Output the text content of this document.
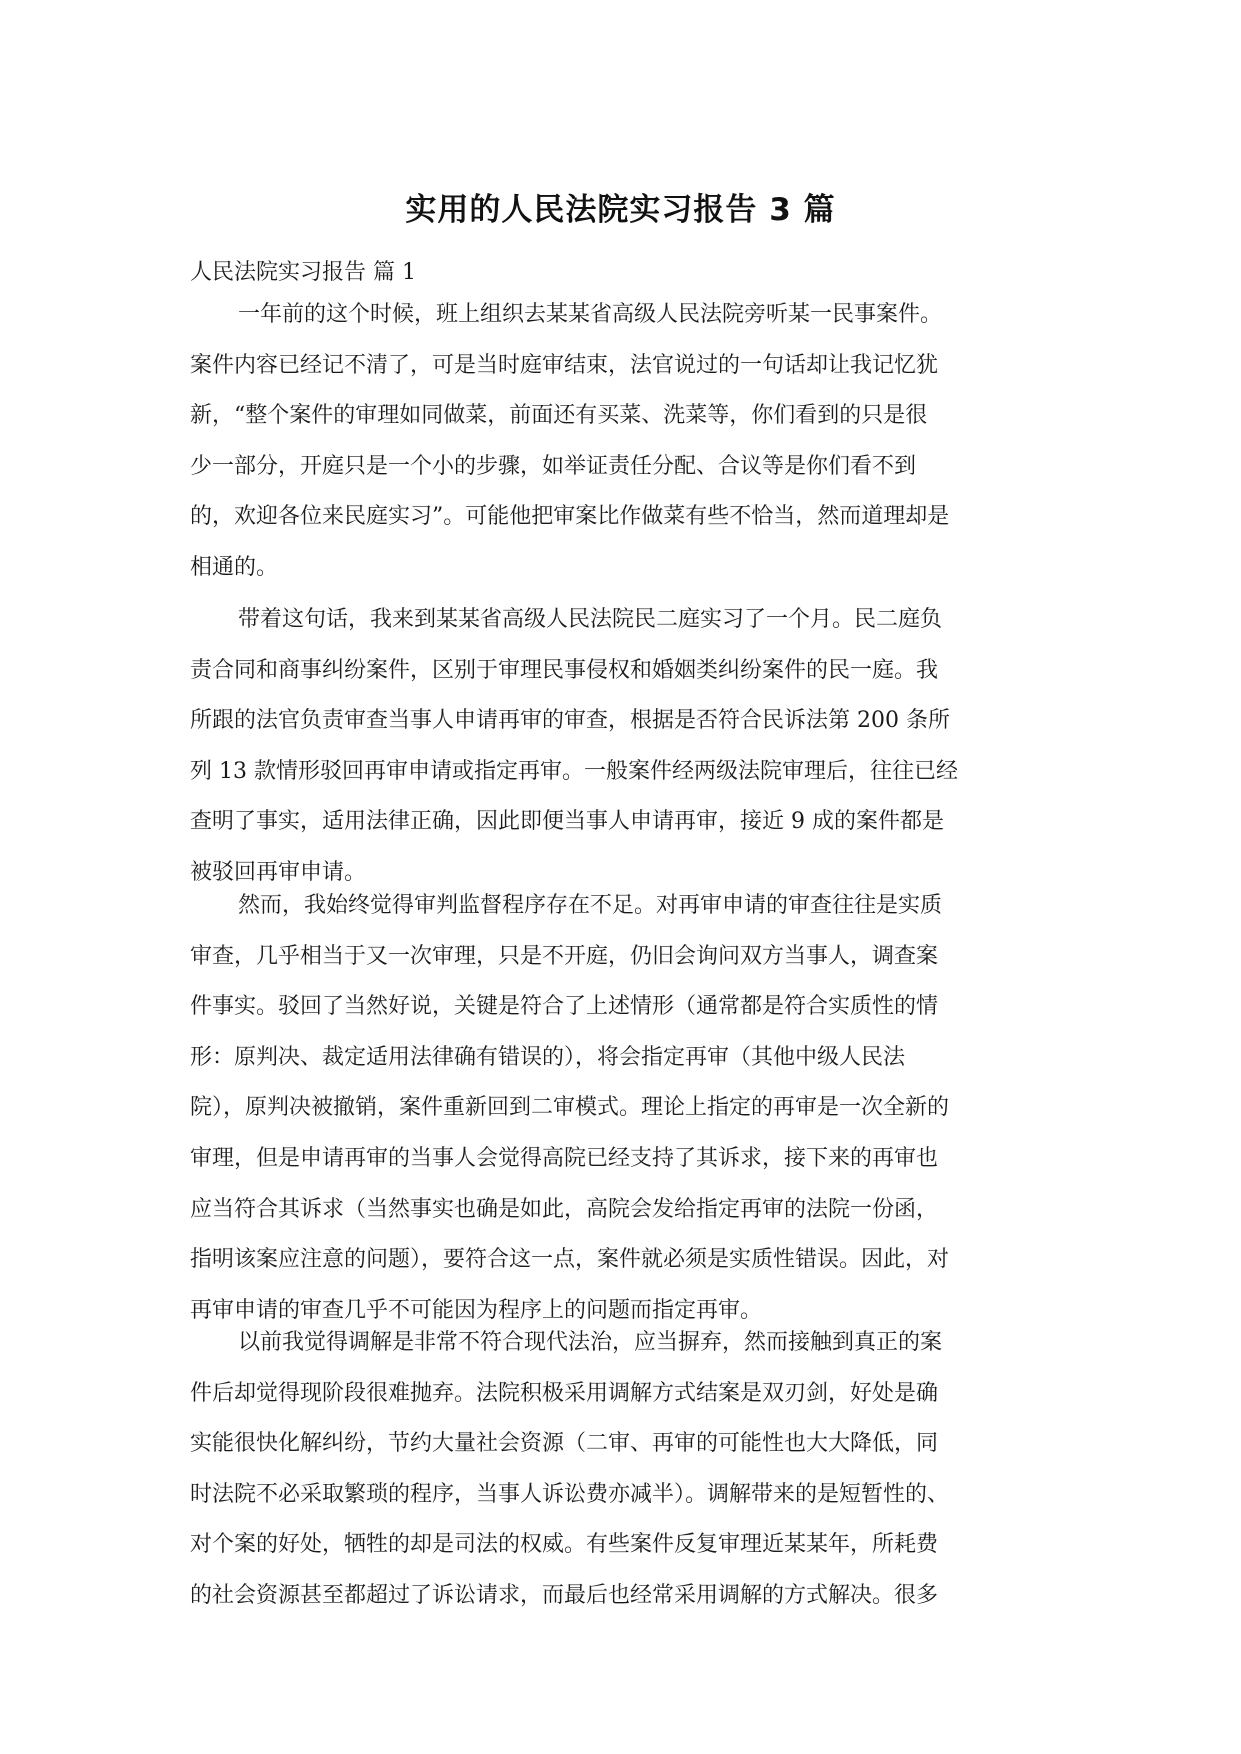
实用的人民法院实习报告 3 篇
人民法院实习报告 篇 1
一年前的这个时候，班上组织去某某省高级人民法院旁听某一民事案件。
案件内容已经记不清了，可是当时庭审结束，法官说过的一句话却让我记忆犹
新，“整个案件的审理如同做菜，前面还有买菜、洗菜等，你们看到的只是很
少一部分，开庭只是一个小的步骤，如举证责任分配、合议等是你们看不到
的，欢迎各位来民庭实习”。可能他把审案比作做菜有些不恰当，然而道理却是
相通的。
带着这句话，我来到某某省高级人民法院民二庭实习了一个月。民二庭负
责合同和商事纠纷案件，区别于审理民事侵权和婚姻类纠纷案件的民一庭。我
所跟的法官负责审查当事人申请再审的审查，根据是否符合民诉法第 200 条所
列 13 款情形驳回再审申请或指定再审。一般案件经两级法院审理后，往往已经
查明了事实，适用法律正确，因此即便当事人申请再审，接近 9 成的案件都是
被驳回再审申请。
然而，我始终觉得审判监督程序存在不足。对再审申请的审查往往是实质
审查，几乎相当于又一次审理，只是不开庭，仍旧会询问双方当事人，调查案
件事实。驳回了当然好说，关键是符合了上述情形（通常都是符合实质性的情
形：原判决、裁定适用法律确有错误的），将会指定再审（其他中级人民法
院），原判决被撤销，案件重新回到二审模式。理论上指定的再审是一次全新的
审理，但是申请再审的当事人会觉得高院已经支持了其诉求，接下来的再审也
应当符合其诉求（当然事实也确是如此，高院会发给指定再审的法院一份函，
指明该案应注意的问题），要符合这一点，案件就必须是实质性错误。因此，对
再审申请的审查几乎不可能因为程序上的问题而指定再审。
以前我觉得调解是非常不符合现代法治，应当摒弃，然而接触到真正的案
件后却觉得现阶段很难抛弃。法院积极采用调解方式结案是双刃剑，好处是确
实能很快化解纠纷，节约大量社会资源（二审、再审的可能性也大大降低，同
时法院不必采取繁琐的程序，当事人诉讼费亦减半）。调解带来的是短暂性的、
对个案的好处，牺牲的却是司法的权威。有些案件反复审理近某某年，所耗费
的社会资源甚至都超过了诉讼请求，而最后也经常采用调解的方式解决。很多
